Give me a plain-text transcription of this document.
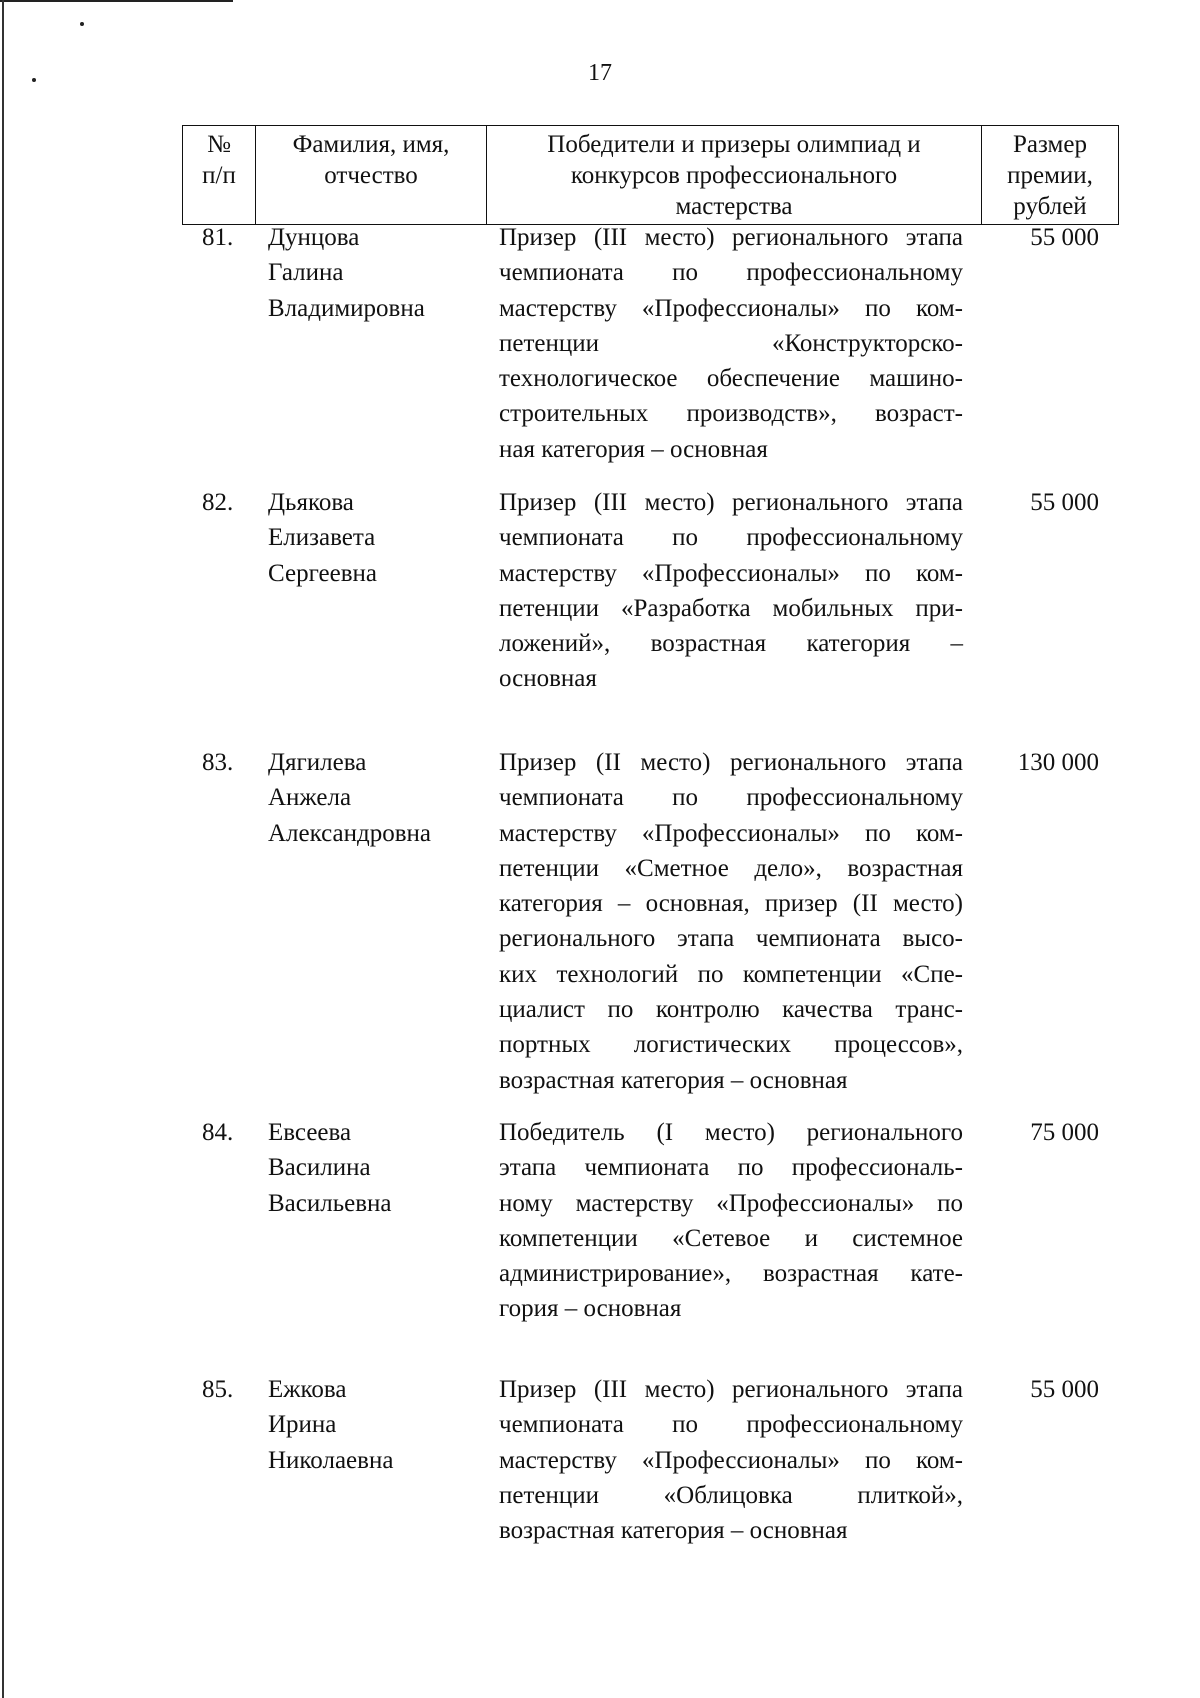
17
№
п/п
Фамилия, имя,
отчество
Победители и призеры олимпиад и
конкурсов профессионального
мастерства
Размер
премии,
рублей
81. Дунцова
Галина
Владимировна
Призер (III место) регионального этапа
чемпионата по профессиональному
мастерству «Профессионалы» по ком-
петенции «Конструкторско-
технологическое обеспечение машино-
строительных производств», возраст-
ная категория – основная
55 000
82. Дьякова
Елизавета
Сергеевна
Призер (III место) регионального этапа
чемпионата по профессиональному
мастерству «Профессионалы» по ком-
петенции «Разработка мобильных при-
ложений», возрастная категория –
основная
55 000
83. Дягилева
Анжела
Александровна
Призер (II место) регионального этапа
чемпионата по профессиональному
мастерству «Профессионалы» по ком-
петенции «Сметное дело», возрастная
категория – основная, призер (II место)
регионального этапа чемпионата высо-
ких технологий по компетенции «Спе-
циалист по контролю качества транс-
портных логистических процессов»,
возрастная категория – основная
130 000
84. Евсеева
Василина
Васильевна
Победитель (I место) регионального
этапа чемпионата по профессиональ-
ному мастерству «Профессионалы» по
компетенции «Сетевое и системное
администрирование», возрастная кате-
гория – основная
75 000
85. Ежкова
Ирина
Николаевна
Призер (III место) регионального этапа
чемпионата по профессиональному
мастерству «Профессионалы» по ком-
петенции «Облицовка плиткой»,
возрастная категория – основная
55 000
